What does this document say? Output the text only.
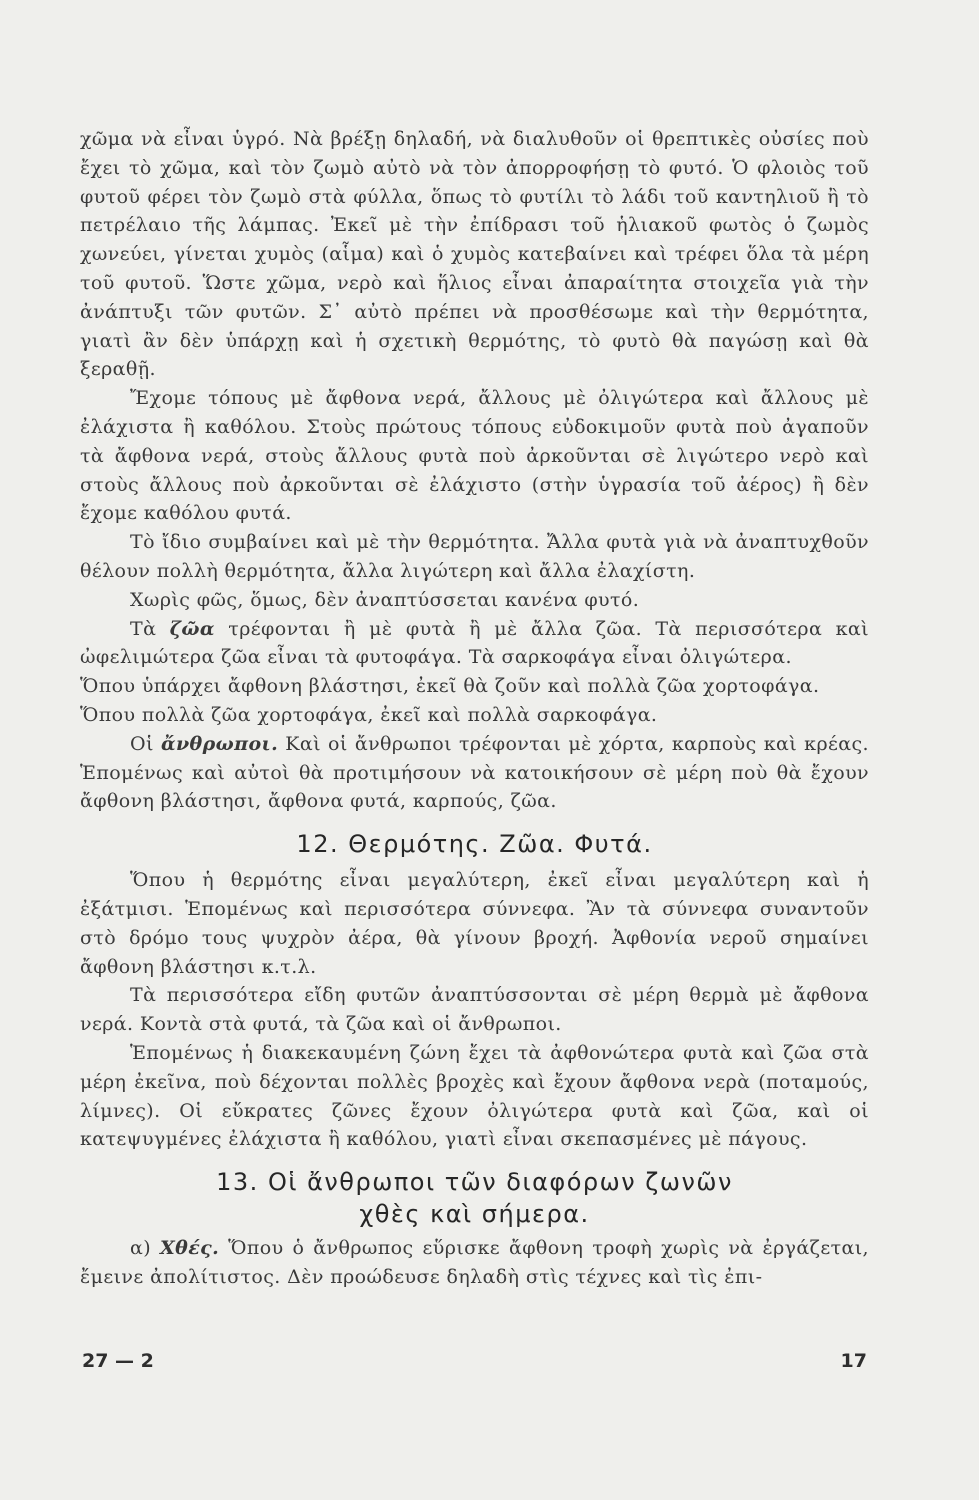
χῶμα νὰ εἶναι ὑγρό. Νὰ βρέξῃ δηλαδή, νὰ διαλυθοῦν οἱ θρεπτικὲς οὐσίες ποὺ ἔχει τὸ χῶμα, καὶ τὸν ζωμὸ αὐτὸ νὰ τὸν ἀπορροφήσῃ τὸ φυτό. Ὁ φλοιὸς τοῦ φυτοῦ φέρει τὸν ζωμὸ στὰ φύλλα, ὅπως τὸ φυτίλι τὸ λάδι τοῦ καντηλιοῦ ἢ τὸ πετρέλαιο τῆς λάμπας. Ἐκεῖ μὲ τὴν ἐπίδρασι τοῦ ἡλιακοῦ φωτὸς ὁ ζωμὸς χωνεύει, γίνεται χυμὸς (αἷμα) καὶ ὁ χυμὸς κατεβαίνει καὶ τρέφει ὅλα τὰ μέρη τοῦ φυτοῦ. Ὥστε χῶμα, νερὸ καὶ ἥλιος εἶναι ἀπαραίτητα στοιχεῖα γιὰ τὴν ἀνάπτυξι τῶν φυτῶν. Σ᾿ αὐτὸ πρέπει νὰ προσθέσωμε καὶ τὴν θερμότητα, γιατὶ ἂν δὲν ὑπάρχῃ καὶ ἡ σχετικὴ θερμότης, τὸ φυτὸ θὰ παγώσῃ καὶ θὰ ξεραθῇ.

Ἔχομε τόπους μὲ ἄφθονα νερά, ἄλλους μὲ ὀλιγώτερα καὶ ἄλλους μὲ ἐλάχιστα ἢ καθόλου. Στοὺς πρώτους τόπους εὐδοκιμοῦν φυτὰ ποὺ ἀγαποῦν τὰ ἄφθονα νερά, στοὺς ἄλλους φυτὰ ποὺ ἀρκοῦνται σὲ λιγώτερο νερὸ καὶ στοὺς ἄλλους ποὺ ἀρκοῦνται σὲ ἐλάχιστο (στὴν ὑγρασία τοῦ ἀέρος) ἢ δὲν ἔχομε καθόλου φυτά.

Τὸ ἴδιο συμβαίνει καὶ μὲ τὴν θερμότητα. Ἄλλα φυτὰ γιὰ νὰ ἀναπτυχθοῦν θέλουν πολλὴ θερμότητα, ἄλλα λιγώτερη καὶ ἄλλα ἐλαχίστη.

Χωρὶς φῶς, ὅμως, δὲν ἀναπτύσσεται κανένα φυτό.

Τὰ ζῶα τρέφονται ἢ μὲ φυτὰ ἢ μὲ ἄλλα ζῶα. Τὰ περισσότερα καὶ ὠφελιμώτερα ζῶα εἶναι τὰ φυτοφάγα. Τὰ σαρκοφάγα εἶναι ὀλιγώτερα.

Ὅπου ὑπάρχει ἄφθονη βλάστησι, ἐκεῖ θὰ ζοῦν καὶ πολλὰ ζῶα χορτοφάγα.

Ὅπου πολλὰ ζῶα χορτοφάγα, ἐκεῖ καὶ πολλὰ σαρκοφάγα.

Οἱ ἄνθρωποι. Καὶ οἱ ἄνθρωποι τρέφονται μὲ χόρτα, καρποὺς καὶ κρέας. Ἑπομένως καὶ αὐτοὶ θὰ προτιμήσουν νὰ κατοικήσουν σὲ μέρη ποὺ θὰ ἔχουν ἄφθονη βλάστησι, ἄφθονα φυτά, καρπούς, ζῶα.

12. Θερμότης. Ζῶα. Φυτά.

Ὅπου ἡ θερμότης εἶναι μεγαλύτερη, ἐκεῖ εἶναι μεγαλύτερη καὶ ἡ ἐξάτμισι. Ἑπομένως καὶ περισσότερα σύννεφα. Ἂν τὰ σύννεφα συναντοῦν στὸ δρόμο τους ψυχρὸν ἀέρα, θὰ γίνουν βροχή. Ἀφθονία νεροῦ σημαίνει ἄφθονη βλάστησι κ.τ.λ.

Τὰ περισσότερα εἴδη φυτῶν ἀναπτύσσονται σὲ μέρη θερμὰ μὲ ἄφθονα νερά. Κοντὰ στὰ φυτά, τὰ ζῶα καὶ οἱ ἄνθρωποι.

Ἑπομένως ἡ διακεκαυμένη ζώνη ἔχει τὰ ἀφθονώτερα φυτὰ καὶ ζῶα στὰ μέρη ἐκεῖνα, ποὺ δέχονται πολλὲς βροχὲς καὶ ἔχουν ἄφθονα νερὰ (ποταμούς, λίμνες). Οἱ εὔκρατες ζῶνες ἔχουν ὀλιγώτερα φυτὰ καὶ ζῶα, καὶ οἱ κατεψυγμένες ἐλάχιστα ἢ καθόλου, γιατὶ εἶναι σκεπασμένες μὲ πάγους.

13. Οἱ ἄνθρωποι τῶν διαφόρων ζωνῶν
χθὲς καὶ σήμερα.

α) Χθές. Ὅπου ὁ ἄνθρωπος εὕρισκε ἄφθονη τροφὴ χωρὶς νὰ ἐργάζεται, ἔμεινε ἀπολίτιστος. Δὲν προώδευσε δηλαδὴ στὶς τέχνες καὶ τὶς ἐπι-

27 — 2	17
